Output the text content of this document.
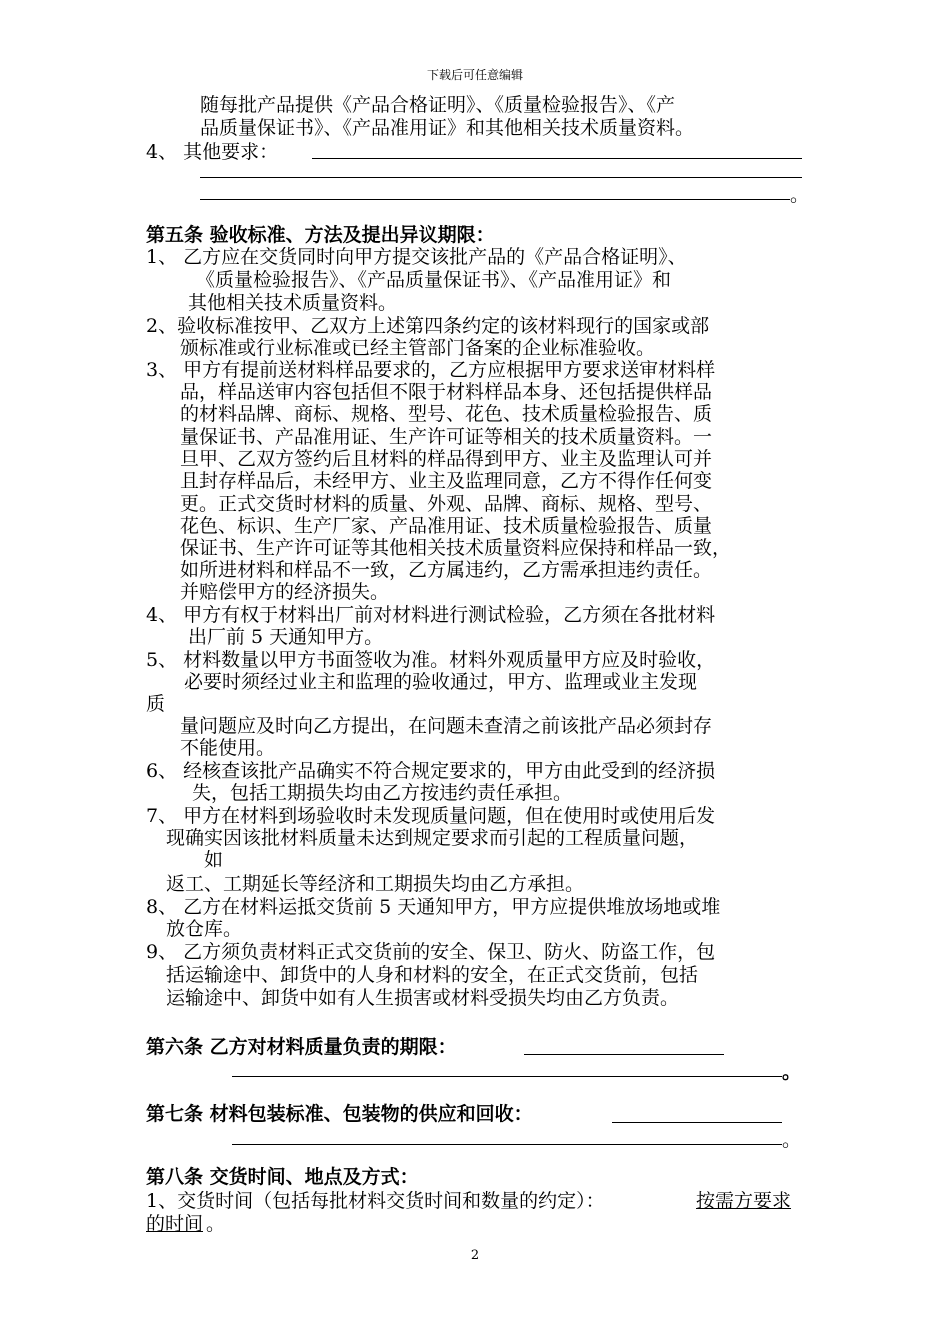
下载后可任意编辑
随每批产品提供《产品合格证明》、《质量检验报告》、《产
品质量保证书》、《产品准用证》和其他相关技术质量资料。
4、 其他要求：
。
第五条 验收标准、方法及提出异议期限：
1、 乙方应在交货同时向甲方提交该批产品的《产品合格证明》、
《质量检验报告》、《产品质量保证书》、《产品准用证》和
其他相关技术质量资料。
2、验收标准按甲、乙双方上述第四条约定的该材料现行的国家或部
颁标准或行业标准或已经主管部门备案的企业标准验收。
3、 甲方有提前送材料样品要求的，乙方应根据甲方要求送审材料样
品，样品送审内容包括但不限于材料样品本身、还包括提供样品
的材料品牌、商标、规格、型号、花色、技术质量检验报告、质
量保证书、产品准用证、生产许可证等相关的技术质量资料。一
旦甲、乙双方签约后且材料的样品得到甲方、业主及监理认可并
且封存样品后，未经甲方、业主及监理同意，乙方不得作任何变
更。正式交货时材料的质量、外观、品牌、商标、规格、型号、
花色、标识、生产厂家、产品准用证、技术质量检验报告、质量
保证书、生产许可证等其他相关技术质量资料应保持和样品一致，
如所进材料和样品不一致，乙方属违约，乙方需承担违约责任。
并赔偿甲方的经济损失。
4、 甲方有权于材料出厂前对材料进行测试检验，乙方须在各批材料
出厂前 5 天通知甲方。
5、 材料数量以甲方书面签收为准。材料外观质量甲方应及时验收，
必要时须经过业主和监理的验收通过，甲方、监理或业主发现
质
量问题应及时向乙方提出，在问题未查清之前该批产品必须封存
不能使用。
6、 经核查该批产品确实不符合规定要求的，甲方由此受到的经济损
失，包括工期损失均由乙方按违约责任承担。
7、 甲方在材料到场验收时未发现质量问题，但在使用时或使用后发
现确实因该批材料质量未达到规定要求而引起的工程质量问题，
如
返工、工期延长等经济和工期损失均由乙方承担。
8、 乙方在材料运抵交货前 5 天通知甲方，甲方应提供堆放场地或堆
放仓库。
9、 乙方须负责材料正式交货前的安全、保卫、防火、防盗工作，包
括运输途中、卸货中的人身和材料的安全，在正式交货前，包括
运输途中、卸货中如有人生损害或材料受损失均由乙方负责。
第六条 乙方对材料质量负责的期限：
。
第七条 材料包装标准、包装物的供应和回收：
。
第八条 交货时间、地点及方式：
1、交货时间（包括每批材料交货时间和数量的约定）：	按需方要求
的时间 。
2
